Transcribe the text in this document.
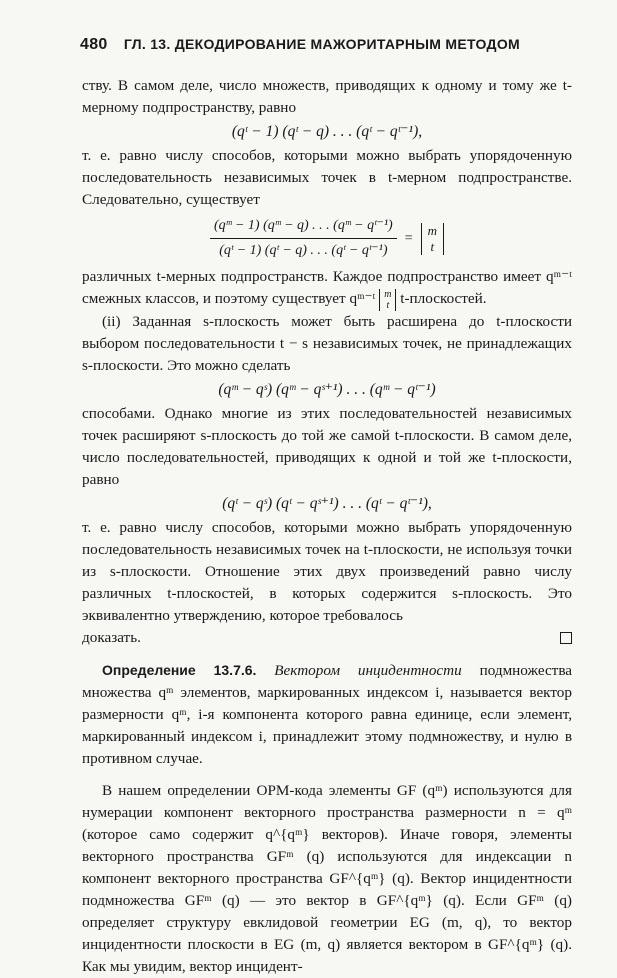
480 ГЛ. 13. ДЕКОДИРОВАНИЕ МАЖОРИТАРНЫМ МЕТОДОМ

ству. В самом деле, число множеств, приводящих к одному и тому же t-мерному подпространству, равно

(qᵗ − 1) (qᵗ − q) . . . (qᵗ − qᵗ⁻¹),

т. е. равно числу способов, которыми можно выбрать упорядоченную последовательность независимых точек в t-мерном подпространстве. Следовательно, существует

$\frac{\text{(qᵐ − 1) (qᵐ − q) . . . (qᵐ − qᵗ⁻¹)}}{\text{(qᵗ − 1) (qᵗ − q) . . . (qᵗ − qᵗ⁻¹)}}$ =
m
t

различных t-мерных подпространств. Каждое подпространство имеет qᵐ⁻ᵗ смежных классов, и поэтому существует qᵐ⁻ᵗ m
t t-плоскостей.

(ii) Заданная s-плоскость может быть расширена до t-плоскости выбором последовательности t − s независимых точек, не принадлежащих s-плоскости. Это можно сделать

(qᵐ − qˢ) (qᵐ − qˢ⁺¹) . . . (qᵐ − qᵗ⁻¹)

способами. Однако многие из этих последовательностей независимых точек расширяют s-плоскость до той же самой t-плоскости. В самом деле, число последовательностей, приводящих к одной и той же t-плоскости, равно

(qᵗ − qˢ) (qᵗ − qˢ⁺¹) . . . (qᵗ − qᵗ⁻¹),

т. е. равно числу способов, которыми можно выбрать упорядоченную последовательность независимых точек на t-плоскости, не используя точки из s-плоскости. Отношение этих двух произведений равно числу различных t-плоскостей, в которых содержится s-плоскость. Это эквивалентно утверждению, которое требовалось

доказать.

Определение 13.7.6. Вектором инцидентности подмножества множества qᵐ элементов, маркированных индексом i, называется вектор размерности qᵐ, i-я компонента которого равна единице, если элемент, маркированный индексом i, принадлежит этому подмножеству, и нулю в противном случае.

В нашем определении ОРМ-кода элементы GF (qᵐ) используются для нумерации компонент векторного пространства размерности n = qᵐ (которое само содержит q^{qᵐ} векторов). Иначе говоря, элементы векторного пространства GFᵐ (q) используются для индексации n компонент векторного пространства GF^{qᵐ} (q). Вектор инцидентности подмножества GFᵐ (q) — это вектор в GF^{qᵐ} (q). Если GFᵐ (q) определяет структуру евклидовой геометрии EG (m, q), то вектор инцидентности плоскости в EG (m, q) является вектором в GF^{qᵐ} (q). Как мы увидим, вектор инцидент-
